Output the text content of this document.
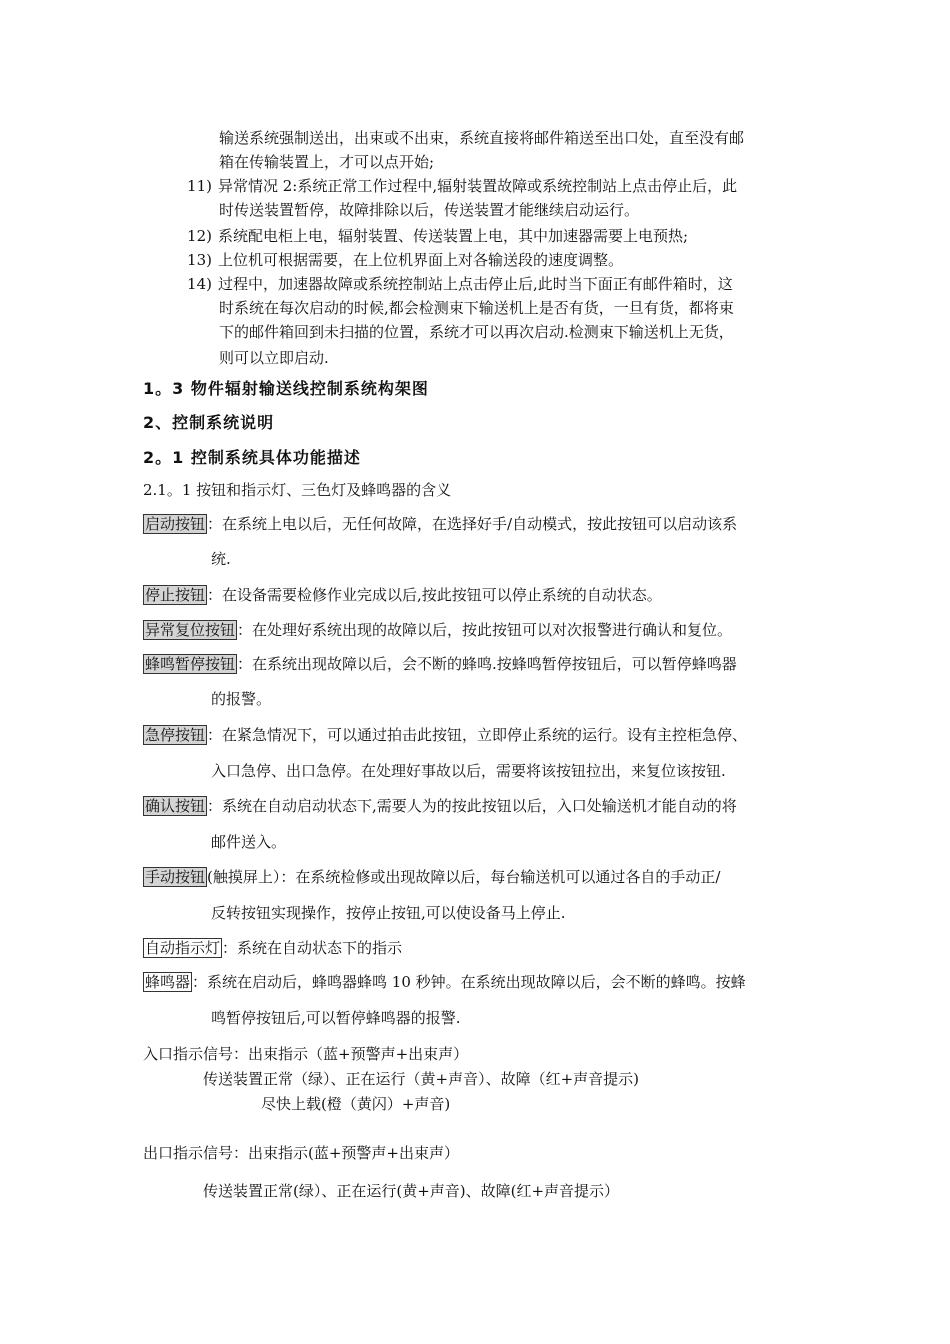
输送系统强制送出，出束或不出束，系统直接将邮件箱送至出口处，直至没有邮
箱在传输装置上，才可以点开始;
11) 异常情况 2:系统正常工作过程中,辐射装置故障或系统控制站上点击停止后，此
时传送装置暂停，故障排除以后，传送装置才能继续启动运行。
12) 系统配电柜上电，辐射装置、传送装置上电，其中加速器需要上电预热;
13) 上位机可根据需要，在上位机界面上对各输送段的速度调整。
14) 过程中，加速器故障或系统控制站上点击停止后,此时当下面正有邮件箱时，这
时系统在每次启动的时候,都会检测束下输送机上是否有货，一旦有货，都将束
下的邮件箱回到未扫描的位置，系统才可以再次启动.检测束下输送机上无货，
则可以立即启动.
1。3 物件辐射输送线控制系统构架图
2、控制系统说明
2。1 控制系统具体功能描述
2.1。1 按钮和指示灯、三色灯及蜂鸣器的含义
启动按钮 ：在系统上电以后，无任何故障，在选择好手/自动模式，按此按钮可以启动该系
统.
停止按钮 ：在设备需要检修作业完成以后,按此按钮可以停止系统的自动状态。
异常复位按钮 ：在处理好系统出现的故障以后，按此按钮可以对次报警进行确认和复位。
蜂鸣暂停按钮 ：在系统出现故障以后，会不断的蜂鸣.按蜂鸣暂停按钮后，可以暂停蜂鸣器
的报警。
急停按钮 ：在紧急情况下，可以通过拍击此按钮，立即停止系统的运行。设有主控柜急停、
入口急停、出口急停。在处理好事故以后，需要将该按钮拉出，来复位该按钮.
确认按钮 ：系统在自动启动状态下,需要人为的按此按钮以后，入口处输送机才能自动的将
邮件送入。
手动按钮 (触摸屏上）：在系统检修或出现故障以后，每台输送机可以通过各自的手动正/
反转按钮实现操作，按停止按钮,可以使设备马上停止.
自动指示灯 ：系统在自动状态下的指示
蜂鸣器 ：系统在启动后，蜂鸣器蜂鸣 10 秒钟。在系统出现故障以后，会不断的蜂鸣。按蜂
鸣暂停按钮后,可以暂停蜂鸣器的报警.
入口指示信号：出束指示（蓝+预警声+出束声）
传送装置正常（绿）、正在运行（黄+声音）、故障（红+声音提示)
尽快上载(橙（黄闪）+声音)
出口指示信号：出束指示(蓝+预警声+出束声）
传送装置正常(绿）、正在运行(黄+声音)、故障(红+声音提示）
